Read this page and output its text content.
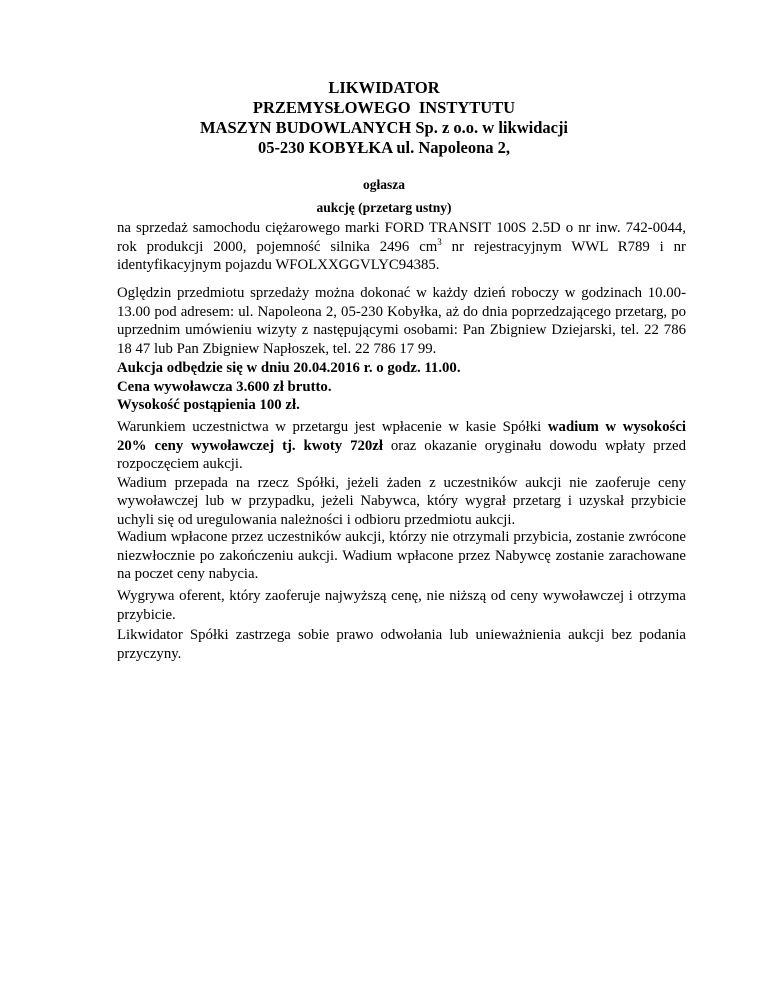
LIKWIDATOR
PRZEMYSŁOWEGO  INSTYTUTU
MASZYN BUDOWLANYCH Sp. z o.o. w likwidacji
05-230 KOBYŁKA ul. Napoleona 2,
ogłasza
aukcję (przetarg ustny)

na sprzedaż samochodu ciężarowego marki FORD TRANSIT 100S 2.5D o nr inw. 742-0044, rok produkcji 2000, pojemność silnika 2496 $cm^3$ nr rejestracyjnym WWL R789 i nr identyfikacyjnym pojazdu WFOLXXGGVLYC94385.

Oględzin przedmiotu sprzedaży można dokonać w każdy dzień roboczy w godzinach 10.00-13.00 pod adresem: ul. Napoleona 2, 05-230 Kobyłka, aż do dnia poprzedzającego przetarg, po uprzednim umówieniu wizyty z następującymi osobami: Pan Zbigniew Dziejarski, tel. 22 786 18 47 lub Pan Zbigniew Napłoszek, tel. 22 786 17 99.

Aukcja odbędzie się w dniu 20.04.2016 r. o godz. 11.00.
Cena wywoławcza 3.600 zł brutto.
Wysokość postąpienia 100 zł.

Warunkiem uczestnictwa w przetargu jest wpłacenie w kasie Spółki wadium w wysokości 20% ceny wywoławczej tj. kwoty 720zł oraz okazanie oryginału dowodu wpłaty przed rozpoczęciem aukcji.

Wadium przepada na rzecz Spółki, jeżeli żaden z uczestników aukcji nie zaoferuje ceny wywoławczej lub w przypadku, jeżeli Nabywca, który wygrał przetarg i uzyskał przybicie uchyli się od uregulowania należności i odbioru przedmiotu aukcji.

Wadium wpłacone przez uczestników aukcji, którzy nie otrzymali przybicia, zostanie zwrócone niezwłocznie po zakończeniu aukcji. Wadium wpłacone przez Nabywcę zostanie zarachowane na poczet ceny nabycia.

Wygrywa oferent, który zaoferuje najwyższą cenę, nie niższą od ceny wywoławczej i otrzyma przybicie.

Likwidator Spółki zastrzega sobie prawo odwołania lub unieważnienia aukcji bez podania przyczyny.
